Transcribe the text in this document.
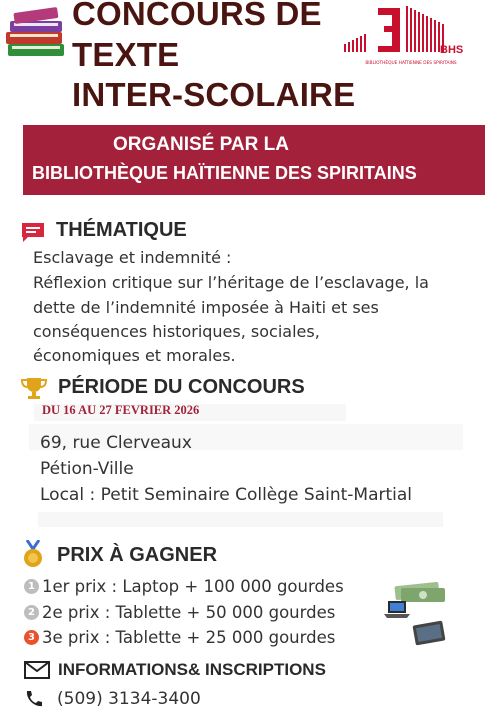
CONCOURS DE
TEXTE
INTER-SCOLAIRE
BHS
BIBLIOTHÈQUE HAÏTIENNE DES SPIRITAINS
ORGANISÉ PAR LA
BIBLIOTHÈQUE HAÏTIENNE DES SPIRITAINS
THÉMATIQUE
Esclavage et indemnité :
Réflexion critique sur l’héritage de l’esclavage, la
dette de l’indemnité imposée à Haiti et ses
conséquences historiques, sociales,
économiques et morales.
PÉRIODE DU CONCOURS
DU 16 AU 27 FEVRIER 2026
69, rue Clerveaux
Pétion-Ville
Local : Petit Seminaire Collège Saint-Martial
PRIX À GAGNER
1 1er prix : Laptop + 100 000 gourdes
2 2e prix : Tablette + 50 000 gourdes
3 3e prix : Tablette + 25 000 gourdes
INFORMATIONS& INSCRIPTIONS
(509) 3134-3400
